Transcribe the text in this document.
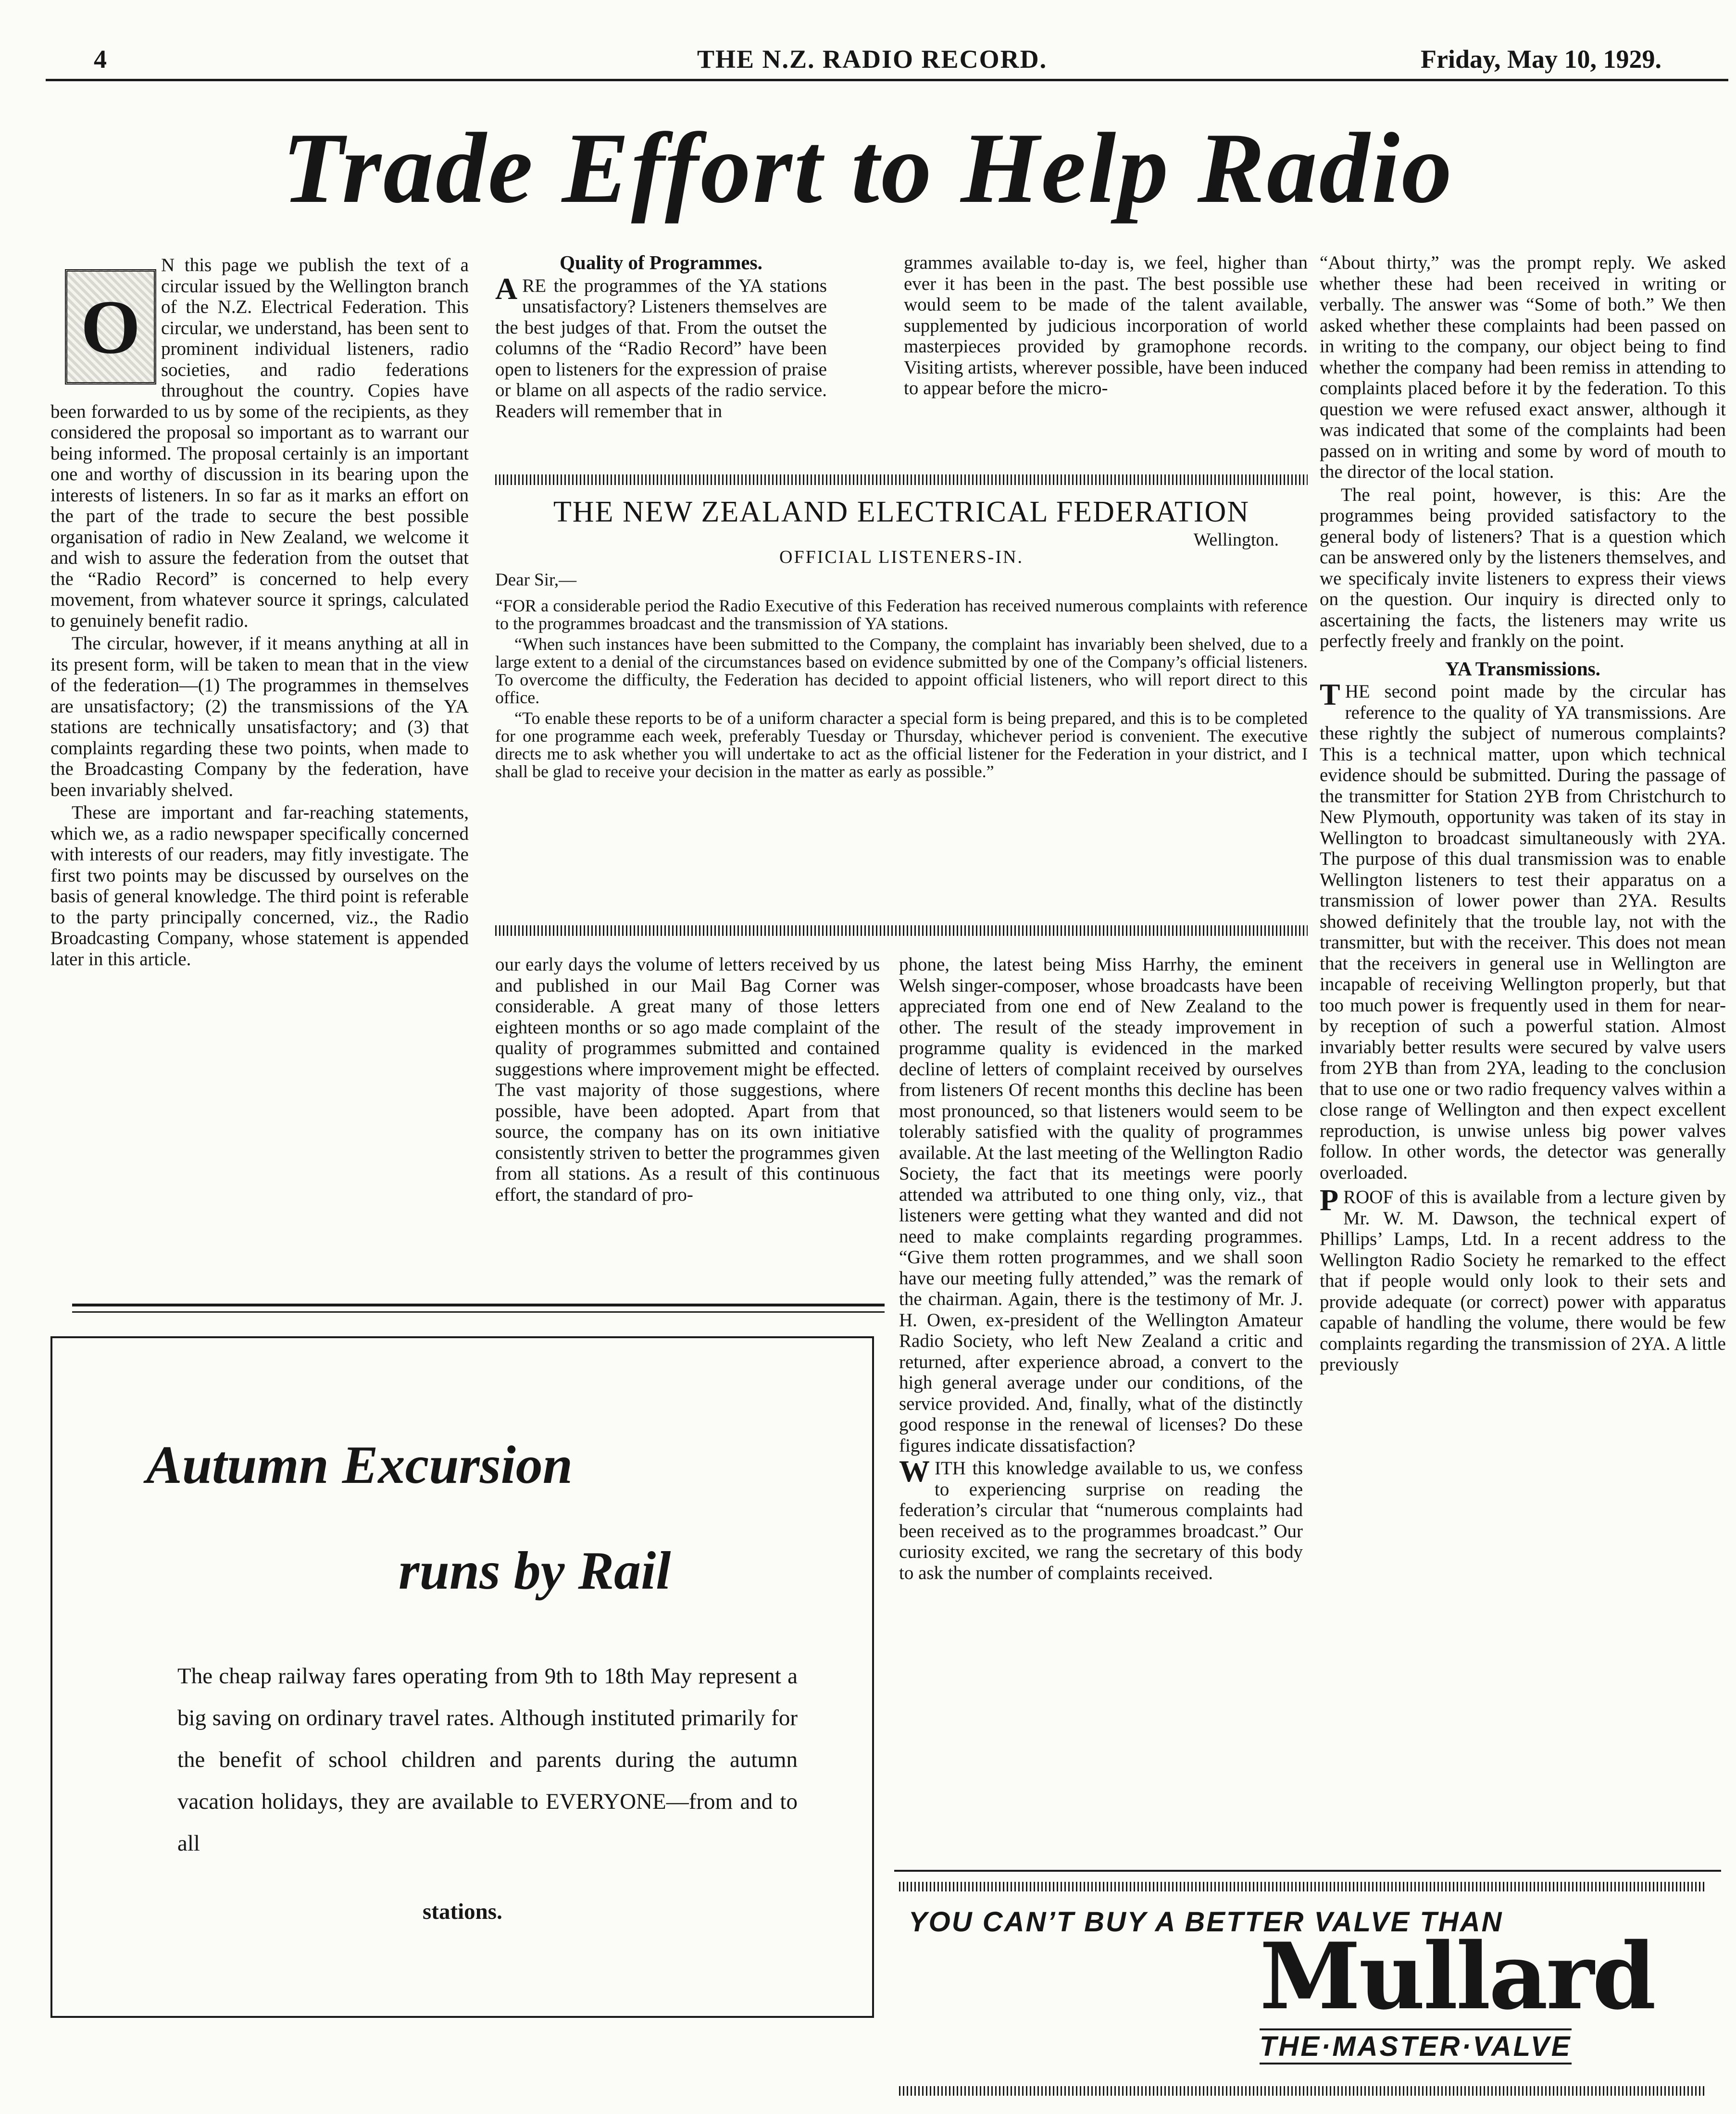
4	THE N.Z. RADIO RECORD.	Friday, May 10, 1929.
Trade Effort to Help Radio
O

N this page we publish the text of a circular issued by the Wellington branch of the N.Z. Electrical Federation. This circular, we understand, has been sent to prominent individual listeners, radio societies, and radio federations throughout the country. Copies have been forwarded to us by some of the recipients, as they considered the proposal so important as to warrant our being informed. The proposal certainly is an important one and worthy of discussion in its bearing upon the interests of listeners. In so far as it marks an effort on the part of the trade to secure the best possible organisation of radio in New Zealand, we welcome it and wish to assure the federation from the outset that the “Radio Record” is concerned to help every movement, from whatever source it springs, calculated to genuinely benefit radio.

The circular, however, if it means anything at all in its present form, will be taken to mean that in the view of the federation—(1) The programmes in themselves are unsatisfactory; (2) the transmissions of the YA stations are technically unsatisfactory; and (3) that complaints regarding these two points, when made to the Broadcasting Company by the federation, have been invariably shelved.

These are important and far-reaching statements, which we, as a radio newspaper specifically concerned with interests of our readers, may fitly investigate. The first two points may be discussed by ourselves on the basis of general knowledge. The third point is referable to the party principally concerned, viz., the Radio Broadcasting Company, whose statement is appended later in this article.

Quality of Programmes.

ARE the programmes of the YA stations unsatisfactory? Listeners themselves are the best judges of that. From the outset the columns of the “Radio Record” have been open to listeners for the expression of praise or blame on all aspects of the radio service. Readers will remember that in

grammes available to-day is, we feel, higher than ever it has been in the past. The best possible use would seem to be made of the talent available, supplemented by judicious incorporation of world masterpieces provided by gramophone records. Visiting artists, wherever possible, have been induced to appear before the micro-

THE NEW ZEALAND ELECTRICAL FEDERATION
Wellington.
OFFICIAL LISTENERS-IN.
Dear Sir,—

“FOR a considerable period the Radio Executive of this Federation has received numerous complaints with reference to the programmes broadcast and the transmission of YA stations.

“When such instances have been submitted to the Company, the complaint has invariably been shelved, due to a large extent to a denial of the circumstances based on evidence submitted by one of the Company’s official listeners. To overcome the difficulty, the Federation has decided to appoint official listeners, who will report direct to this office.

“To enable these reports to be of a uniform character a special form is being prepared, and this is to be completed for one programme each week, preferably Tuesday or Thursday, whichever period is convenient. The executive directs me to ask whether you will undertake to act as the official listener for the Federation in your district, and I shall be glad to receive your decision in the matter as early as possible.”

our early days the volume of letters received by us and published in our Mail Bag Corner was considerable. A great many of those letters eighteen months or so ago made complaint of the quality of programmes submitted and contained suggestions where improvement might be effected. The vast majority of those suggestions, where possible, have been adopted. Apart from that source, the company has on its own initiative consistently striven to better the programmes given from all stations. As a result of this continuous effort, the standard of pro-

phone, the latest being Miss Harrhy, the eminent Welsh singer-composer, whose broadcasts have been appreciated from one end of New Zealand to the other. The result of the steady improvement in programme quality is evidenced in the marked decline of letters of complaint received by ourselves from listeners Of recent months this decline has been most pronounced, so that listeners would seem to be tolerably satisfied with the quality of programmes available. At the last meeting of the Wellington Radio Society, the fact that its meetings were poorly attended wa attributed to one thing only, viz., that listeners were getting what they wanted and did not need to make complaints regarding programmes. “Give them rotten programmes, and we shall soon have our meeting fully attended,” was the remark of the chairman. Again, there is the testimony of Mr. J. H. Owen, ex-president of the Wellington Amateur Radio Society, who left New Zealand a critic and returned, after experience abroad, a convert to the high general average under our conditions, of the service provided. And, finally, what of the distinctly good response in the renewal of licenses? Do these figures indicate dissatisfaction?

WITH this knowledge available to us, we confess to experiencing surprise on reading the federation’s circular that “numerous complaints had been received as to the programmes broadcast.” Our curiosity excited, we rang the secretary of this body to ask the number of complaints received.

“About thirty,” was the prompt reply. We asked whether these had been received in writing or verbally. The answer was “Some of both.” We then asked whether these complaints had been passed on in writing to the company, our object being to find whether the company had been remiss in attending to complaints placed before it by the federation. To this question we were refused exact answer, although it was indicated that some of the complaints had been passed on in writing and some by word of mouth to the director of the local station.

The real point, however, is this: Are the programmes being provided satisfactory to the general body of listeners? That is a question which can be answered only by the listeners themselves, and we specificaly invite listeners to express their views on the question. Our inquiry is directed only to ascertaining the facts, the listeners may write us perfectly freely and frankly on the point.

YA Transmissions.

THE second point made by the circular has reference to the quality of YA transmissions. Are these rightly the subject of numerous complaints? This is a technical matter, upon which technical evidence should be submitted. During the passage of the transmitter for Station 2YB from Christchurch to New Plymouth, opportunity was taken of its stay in Wellington to broadcast simultaneously with 2YA. The purpose of this dual transmission was to enable Wellington listeners to test their apparatus on a transmission of lower power than 2YA. Results showed definitely that the trouble lay, not with the transmitter, but with the receiver. This does not mean that the receivers in general use in Wellington are incapable of receiving Wellington properly, but that too much power is frequently used in them for near-by reception of such a powerful station. Almost invariably better results were secured by valve users from 2YB than from 2YA, leading to the conclusion that to use one or two radio frequency valves within a close range of Wellington and then expect excellent reproduction, is unwise unless big power valves follow. In other words, the detector was generally overloaded.

PROOF of this is available from a lecture given by Mr. W. M. Dawson, the technical expert of Phillips’ Lamps, Ltd. In a recent address to the Wellington Radio Society he remarked to the effect that if people would only look to their sets and provide adequate (or correct) power with apparatus capable of handling the volume, there would be few complaints regarding the transmission of 2YA. A little previously

Autumn Excursion
runs by Rail
The cheap railway fares operating from 9th to 18th May represent a big saving on ordinary travel rates. Although instituted primarily for the benefit of school children and parents during the autumn vacation holidays, they are available to EVERYONE—from and to all
stations.	YOU CAN’T BUY A BETTER VALVE THAN
Mullard
THE·MASTER·VALVE
